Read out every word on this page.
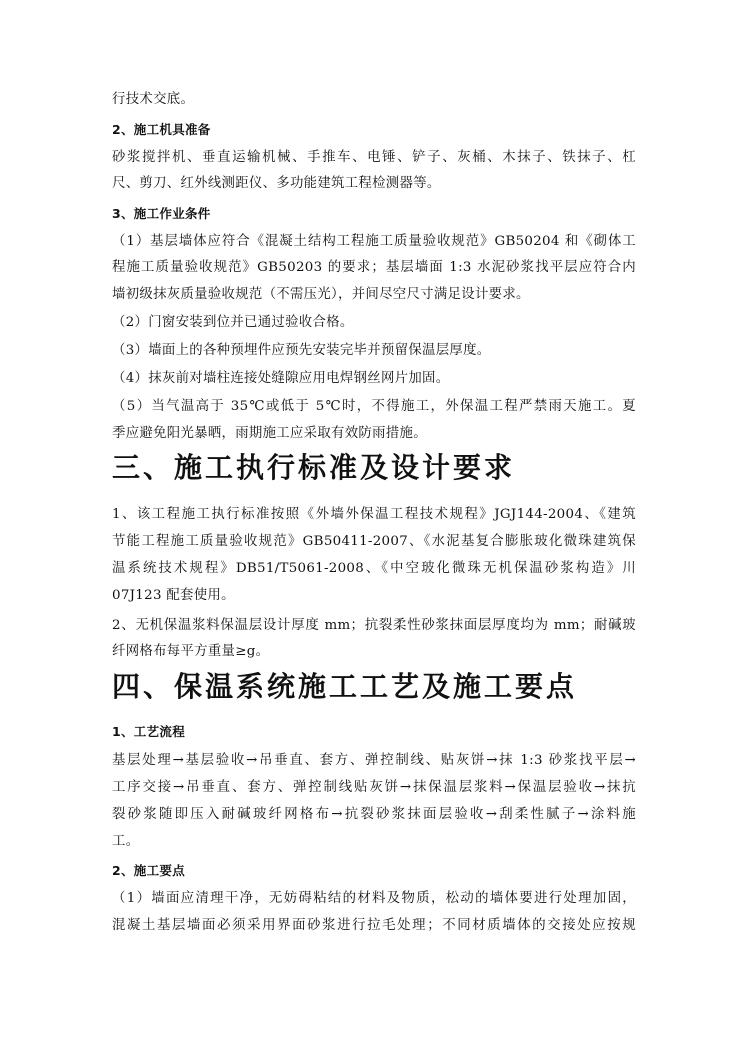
行技术交底。
2、施工机具准备
砂浆搅拌机、垂直运输机械、手推车、电锤、铲子、灰桶、木抹子、铁抹子、杠
尺、剪刀、红外线测距仪、多功能建筑工程检测器等。
3、施工作业条件
（1）基层墙体应符合《混凝土结构工程施工质量验收规范》GB50204 和《砌体工
程施工质量验收规范》GB50203 的要求；基层墙面 1:3 水泥砂浆找平层应符合内
墙初级抹灰质量验收规范（不需压光），并间尽空尺寸满足设计要求。
（2）门窗安装到位并已通过验收合格。
（3）墙面上的各种预埋件应预先安装完毕并预留保温层厚度。
（4）抹灰前对墙柱连接处缝隙应用电焊钢丝网片加固。
（5）当气温高于 35℃或低于 5℃时，不得施工，外保温工程严禁雨天施工。夏
季应避免阳光暴晒，雨期施工应采取有效防雨措施。
三、施工执行标准及设计要求
1、该工程施工执行标准按照《外墙外保温工程技术规程》JGJ144-2004、《建筑
节能工程施工质量验收规范》GB50411-2007、《水泥基复合膨胀玻化微珠建筑保
温系统技术规程》DB51/T5061-2008、《中空玻化微珠无机保温砂浆构造》川
07J123 配套使用。
2、无机保温浆料保温层设计厚度 mm；抗裂柔性砂浆抹面层厚度均为 mm；耐碱玻
纤网格布每平方重量≥g。
四、保温系统施工工艺及施工要点
1、工艺流程
基层处理→基层验收→吊垂直、套方、弹控制线、贴灰饼→抹 1:3 砂浆找平层→
工序交接→吊垂直、套方、弹控制线贴灰饼→抹保温层浆料→保温层验收→抹抗
裂砂浆随即压入耐碱玻纤网格布→抗裂砂浆抹面层验收→刮柔性腻子→涂料施
工。
2、施工要点
（1）墙面应清理干净，无妨碍粘结的材料及物质，松动的墙体要进行处理加固，
混凝土基层墙面必须采用界面砂浆进行拉毛处理；不同材质墙体的交接处应按规
